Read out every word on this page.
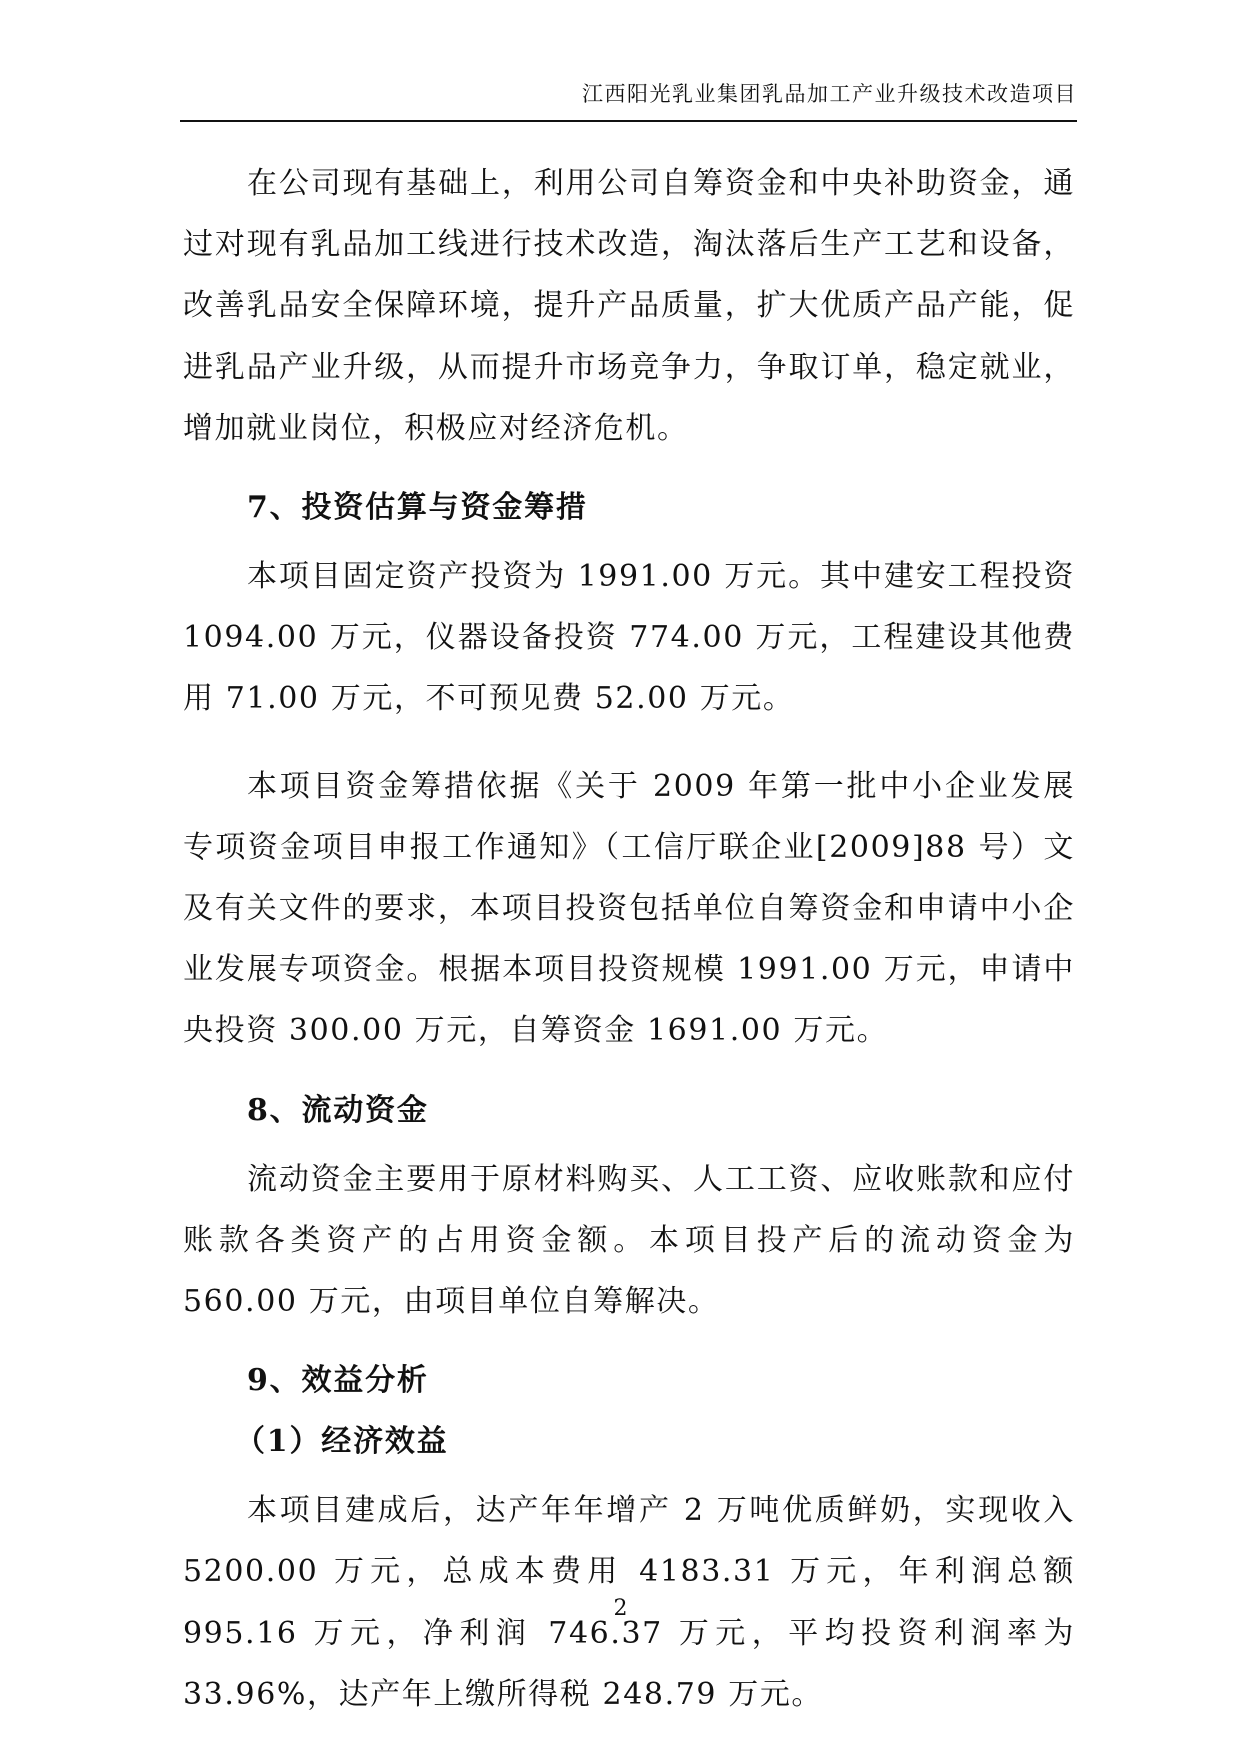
江西阳光乳业集团乳品加工产业升级技术改造项目

在公司现有基础上，利用公司自筹资金和中央补助资金，通过对现有乳品加工线进行技术改造，淘汰落后生产工艺和设备，改善乳品安全保障环境，提升产品质量，扩大优质产品产能，促进乳品产业升级，从而提升市场竞争力，争取订单，稳定就业，增加就业岗位，积极应对经济危机。

7、投资估算与资金筹措

本项目固定资产投资为 1991.00 万元。其中建安工程投资 1094.00 万元，仪器设备投资 774.00 万元，工程建设其他费用 71.00 万元，不可预见费 52.00 万元。

本项目资金筹措依据《关于 2009 年第一批中小企业发展专项资金项目申报工作通知》（工信厅联企业[2009]88 号）文及有关文件的要求，本项目投资包括单位自筹资金和申请中小企业发展专项资金。根据本项目投资规模 1991.00 万元，申请中央投资 300.00 万元，自筹资金 1691.00 万元。

8、流动资金

流动资金主要用于原材料购买、人工工资、应收账款和应付账款各类资产的占用资金额。本项目投产后的流动资金为 560.00 万元，由项目单位自筹解决。

9、效益分析
（1）经济效益

本项目建成后，达产年年增产 2 万吨优质鲜奶，实现收入 5200.00 万元，总成本费用 4183.31 万元，年利润总额 995.16 万元，净利润 746.37 万元，平均投资利润率为 33.96%，达产年上缴所得税 248.79 万元。

2
